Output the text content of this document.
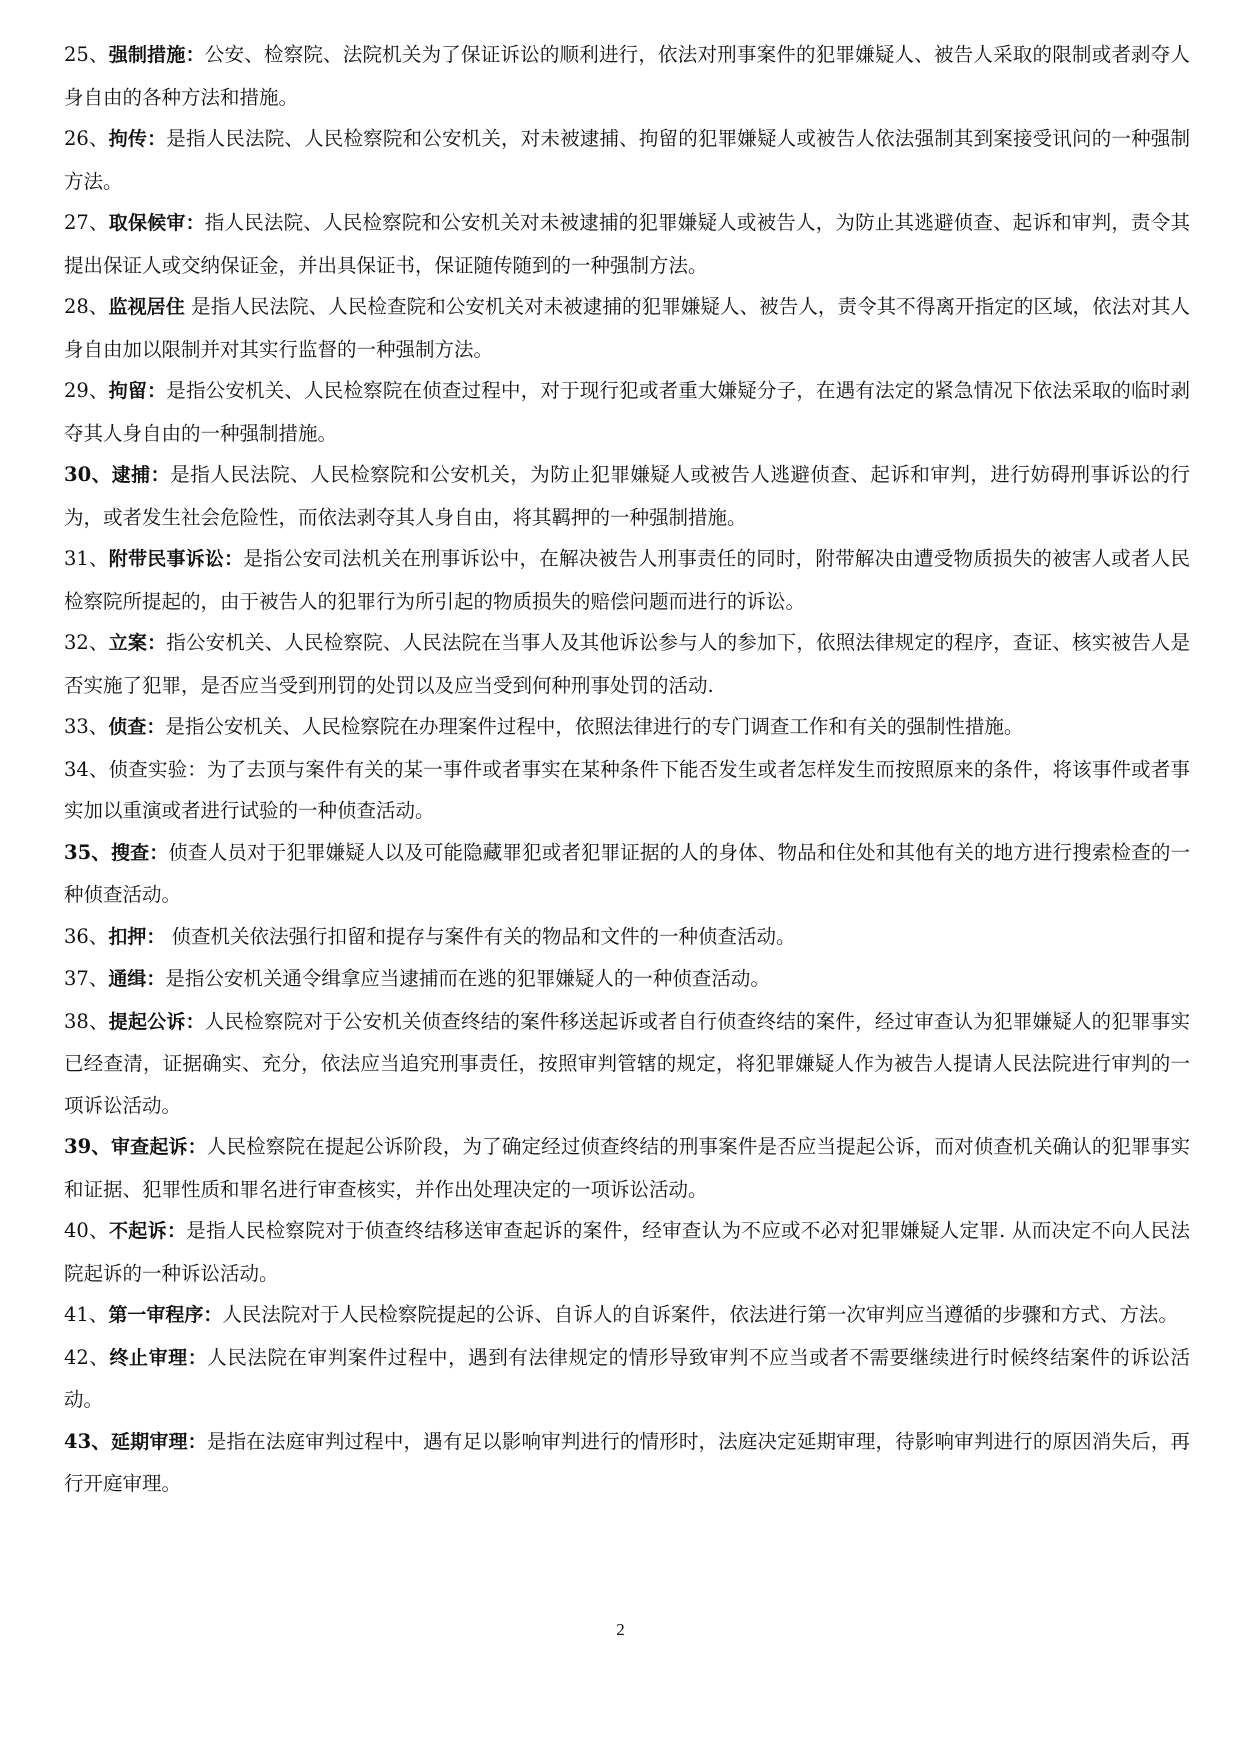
25、强制措施：公安、检察院、法院机关为了保证诉讼的顺利进行，依法对刑事案件的犯罪嫌疑人、被告人采取的限制或者剥夺人身自由的各种方法和措施。

26、拘传：是指人民法院、人民检察院和公安机关，对未被逮捕、拘留的犯罪嫌疑人或被告人依法强制其到案接受讯问的一种强制方法。

27、取保候审：指人民法院、人民检察院和公安机关对未被逮捕的犯罪嫌疑人或被告人，为防止其逃避侦查、起诉和审判，责令其提出保证人或交纳保证金，并出具保证书，保证随传随到的一种强制方法。

28、监视居住 是指人民法院、人民检查院和公安机关对未被逮捕的犯罪嫌疑人、被告人，责令其不得离开指定的区域，依法对其人身自由加以限制并对其实行监督的一种强制方法。

29、拘留：是指公安机关、人民检察院在侦查过程中，对于现行犯或者重大嫌疑分子，在遇有法定的紧急情况下依法采取的临时剥夺其人身自由的一种强制措施。

30、逮捕：是指人民法院、人民检察院和公安机关，为防止犯罪嫌疑人或被告人逃避侦查、起诉和审判，进行妨碍刑事诉讼的行为，或者发生社会危险性，而依法剥夺其人身自由，将其羁押的一种强制措施。

31、附带民事诉讼：是指公安司法机关在刑事诉讼中，在解决被告人刑事责任的同时，附带解决由遭受物质损失的被害人或者人民检察院所提起的，由于被告人的犯罪行为所引起的物质损失的赔偿问题而进行的诉讼。

32、立案：指公安机关、人民检察院、人民法院在当事人及其他诉讼参与人的参加下，依照法律规定的程序，查证、核实被告人是否实施了犯罪，是否应当受到刑罚的处罚以及应当受到何种刑事处罚的活动.

33、侦查：是指公安机关、人民检察院在办理案件过程中，依照法律进行的专门调查工作和有关的强制性措施。

34、侦查实验：为了去顶与案件有关的某一事件或者事实在某种条件下能否发生或者怎样发生而按照原来的条件，将该事件或者事实加以重演或者进行试验的一种侦查活动。

35、搜查：侦查人员对于犯罪嫌疑人以及可能隐藏罪犯或者犯罪证据的人的身体、物品和住处和其他有关的地方进行搜索检查的一种侦查活动。

36、扣押： 侦查机关依法强行扣留和提存与案件有关的物品和文件的一种侦查活动。

37、通缉：是指公安机关通令缉拿应当逮捕而在逃的犯罪嫌疑人的一种侦查活动。

38、提起公诉：人民检察院对于公安机关侦查终结的案件移送起诉或者自行侦查终结的案件，经过审查认为犯罪嫌疑人的犯罪事实已经查清，证据确实、充分，依法应当追究刑事责任，按照审判管辖的规定，将犯罪嫌疑人作为被告人提请人民法院进行审判的一项诉讼活动。

39、审查起诉：人民检察院在提起公诉阶段，为了确定经过侦查终结的刑事案件是否应当提起公诉，而对侦查机关确认的犯罪事实和证据、犯罪性质和罪名进行审查核实，并作出处理决定的一项诉讼活动。

40、不起诉：是指人民检察院对于侦查终结移送审查起诉的案件，经审查认为不应或不必对犯罪嫌疑人定罪. 从而决定不向人民法院起诉的一种诉讼活动。

41、第一审程序：人民法院对于人民检察院提起的公诉、自诉人的自诉案件，依法进行第一次审判应当遵循的步骤和方式、方法。

42、终止审理：人民法院在审判案件过程中，遇到有法律规定的情形导致审判不应当或者不需要继续进行时候终结案件的诉讼活动。

43、延期审理：是指在法庭审判过程中，遇有足以影响审判进行的情形时，法庭决定延期审理，待影响审判进行的原因消失后，再行开庭审理。

2
